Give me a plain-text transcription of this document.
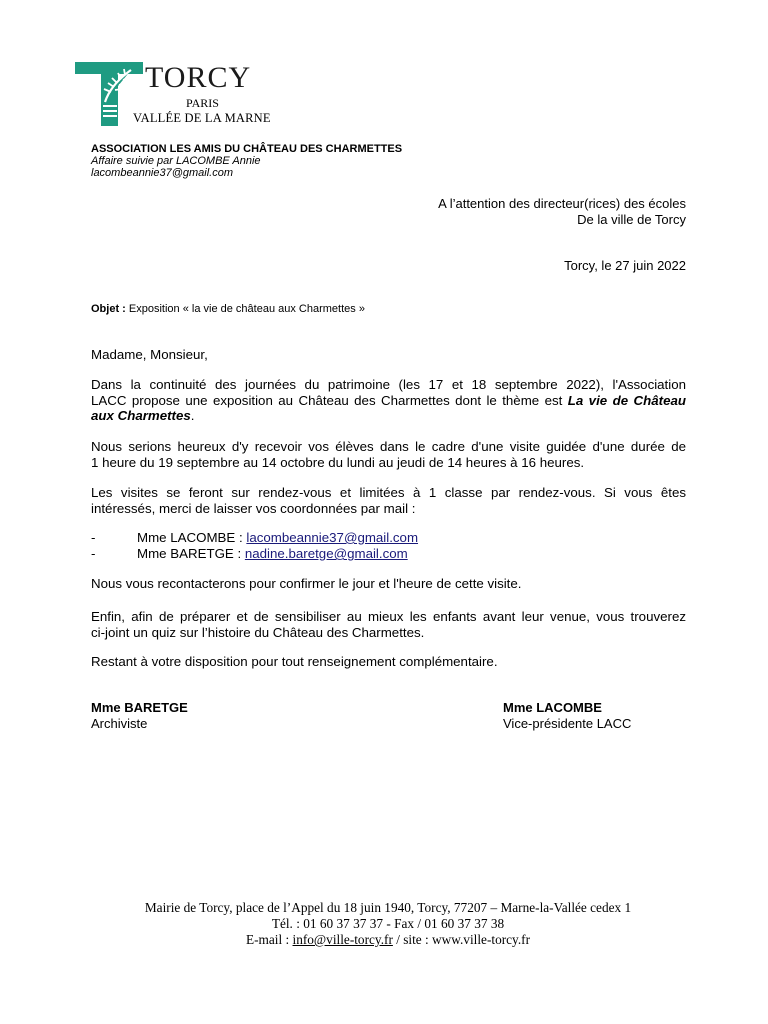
TORCY
PARIS
VALLÉE DE LA MARNE
ASSOCIATION LES AMIS DU CHÂTEAU DES CHARMETTES
Affaire suivie par LACOMBE Annie
lacombeannie37@gmail.com
A l’attention des directeur(rices) des écoles
De la ville de Torcy
Torcy, le 27 juin 2022
Objet : Exposition « la vie de château aux Charmettes »
Madame, Monsieur,
Dans la continuité des journées du patrimoine (les 17 et 18 septembre 2022), l'Association
LACC propose une exposition au Château des Charmettes dont le thème est La vie de Château
aux Charmettes.
Nous serions heureux d'y recevoir vos élèves dans le cadre d'une visite guidée d'une durée de
1 heure du 19 septembre au 14 octobre du lundi au jeudi de 14 heures à 16 heures.
Les visites se feront sur rendez-vous et limitées à 1 classe par rendez-vous. Si vous êtes
intéressés, merci de laisser vos coordonnées par mail :
-	Mme LACOMBE : lacombeannie37@gmail.com
-	Mme BARETGE : nadine.baretge@gmail.com
Nous vous recontacterons pour confirmer le jour et l'heure de cette visite.
Enfin, afin de préparer et de sensibiliser au mieux les enfants avant leur venue, vous trouverez
ci-joint un quiz sur l’histoire du Château des Charmettes.
Restant à votre disposition pour tout renseignement complémentaire.
Mme BARETGE
Archiviste
Mme LACOMBE
Vice-présidente LACC
Mairie de Torcy, place de l’Appel du 18 juin 1940, Torcy, 77207 – Marne-la-Vallée cedex 1
Tél. : 01 60 37 37 37 - Fax / 01 60 37 37 38
E-mail : info@ville-torcy.fr / site : www.ville-torcy.fr
